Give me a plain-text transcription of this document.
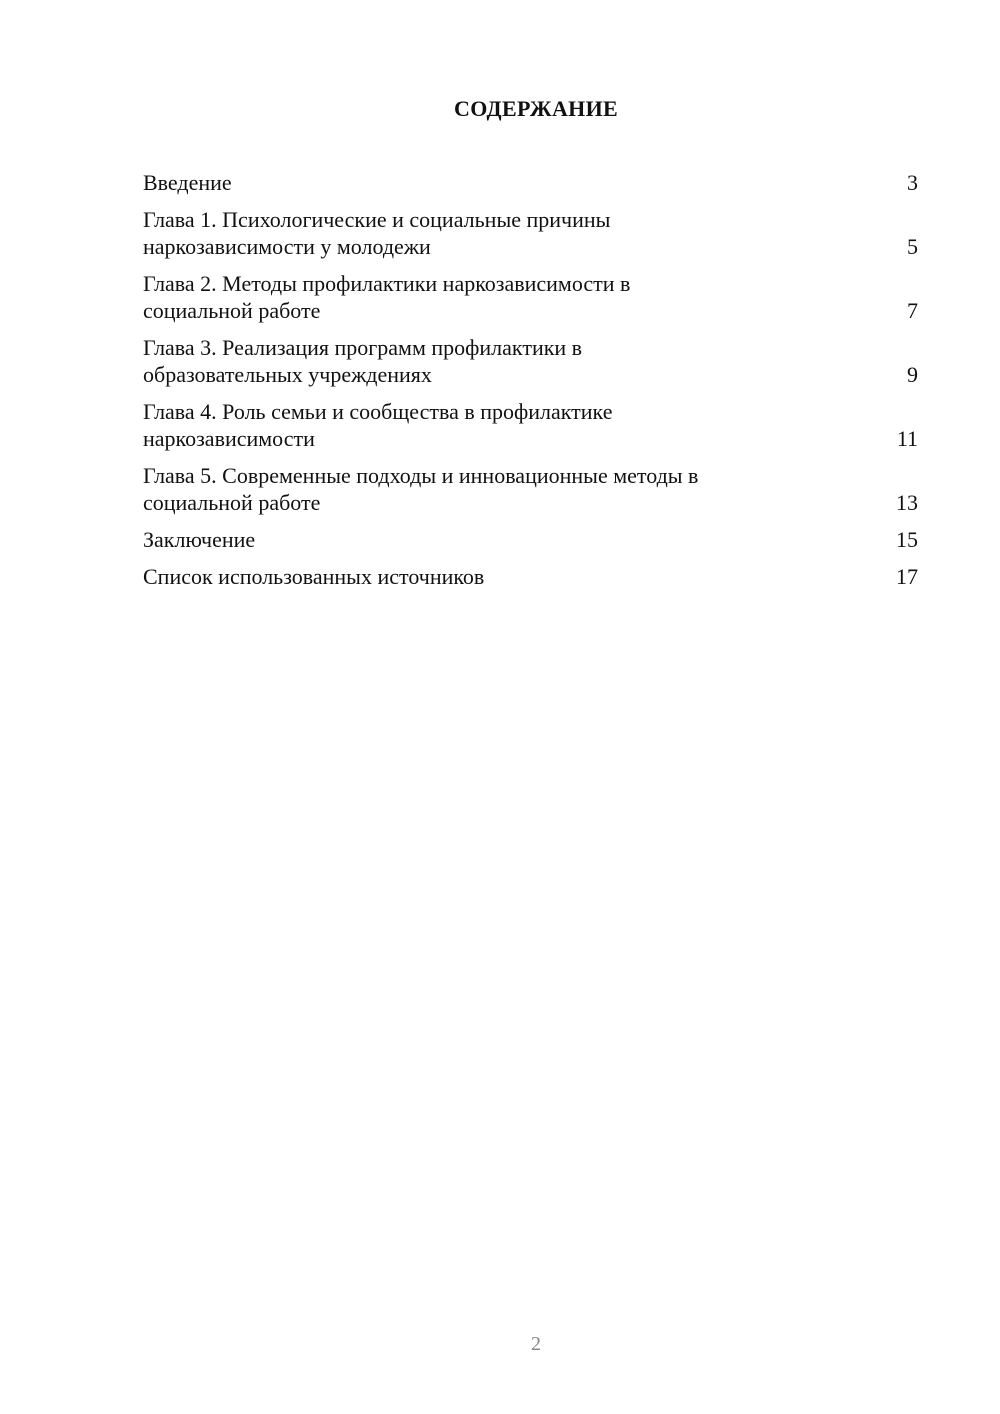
СОДЕРЖАНИЕ
Введение	3
Глава 1. Психологические и социальные причины
наркозависимости у молодежи	5
Глава 2. Методы профилактики наркозависимости в
социальной работе	7
Глава 3. Реализация программ профилактики в
образовательных учреждениях	9
Глава 4. Роль семьи и сообщества в профилактике
наркозависимости	11
Глава 5. Современные подходы и инновационные методы в
социальной работе	13
Заключение	15
Список использованных источников	17
2
